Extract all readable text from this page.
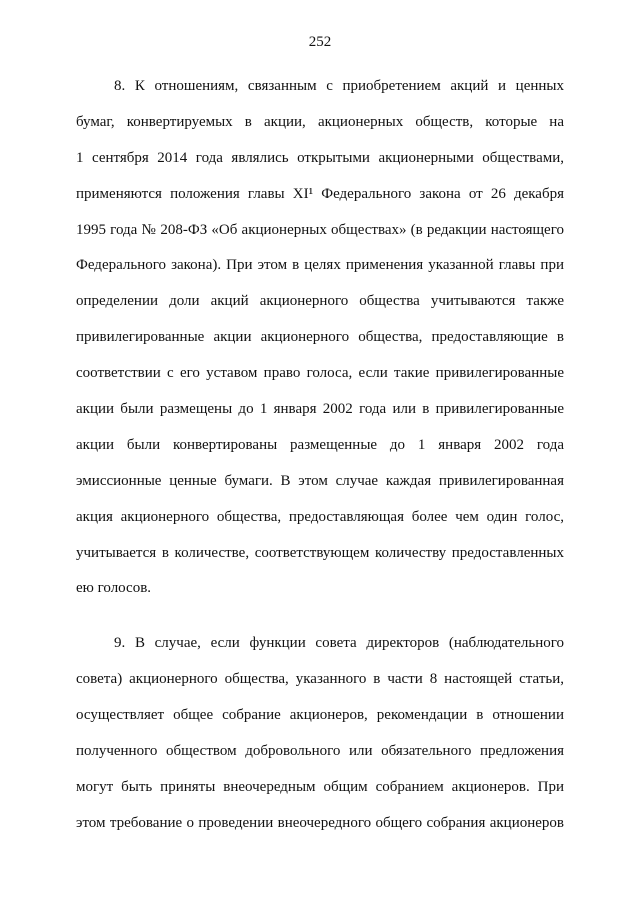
252
8. К отношениям, связанным с приобретением акций и ценных
бумаг, конвертируемых в акции, акционерных обществ, которые на
1 сентября 2014 года являлись открытыми акционерными обществами,
применяются положения главы XI¹ Федерального закона от 26 декабря
1995 года № 208-ФЗ «Об акционерных обществах» (в редакции настоящего
Федерального закона). При этом в целях применения указанной главы при
определении доли акций акционерного общества учитываются также
привилегированные акции акционерного общества, предоставляющие в
соответствии с его уставом право голоса, если такие привилегированные
акции были размещены до 1 января 2002 года или в привилегированные
акции были конвертированы размещенные до 1 января 2002 года
эмиссионные ценные бумаги. В этом случае каждая привилегированная
акция акционерного общества, предоставляющая более чем один голос,
учитывается в количестве, соответствующем количеству предоставленных
ею голосов.
9. В случае, если функции совета директоров (наблюдательного
совета) акционерного общества, указанного в части 8 настоящей статьи,
осуществляет общее собрание акционеров, рекомендации в отношении
полученного обществом добровольного или обязательного предложения
могут быть приняты внеочередным общим собранием акционеров. При
этом требование о проведении внеочередного общего собрания акционеров
